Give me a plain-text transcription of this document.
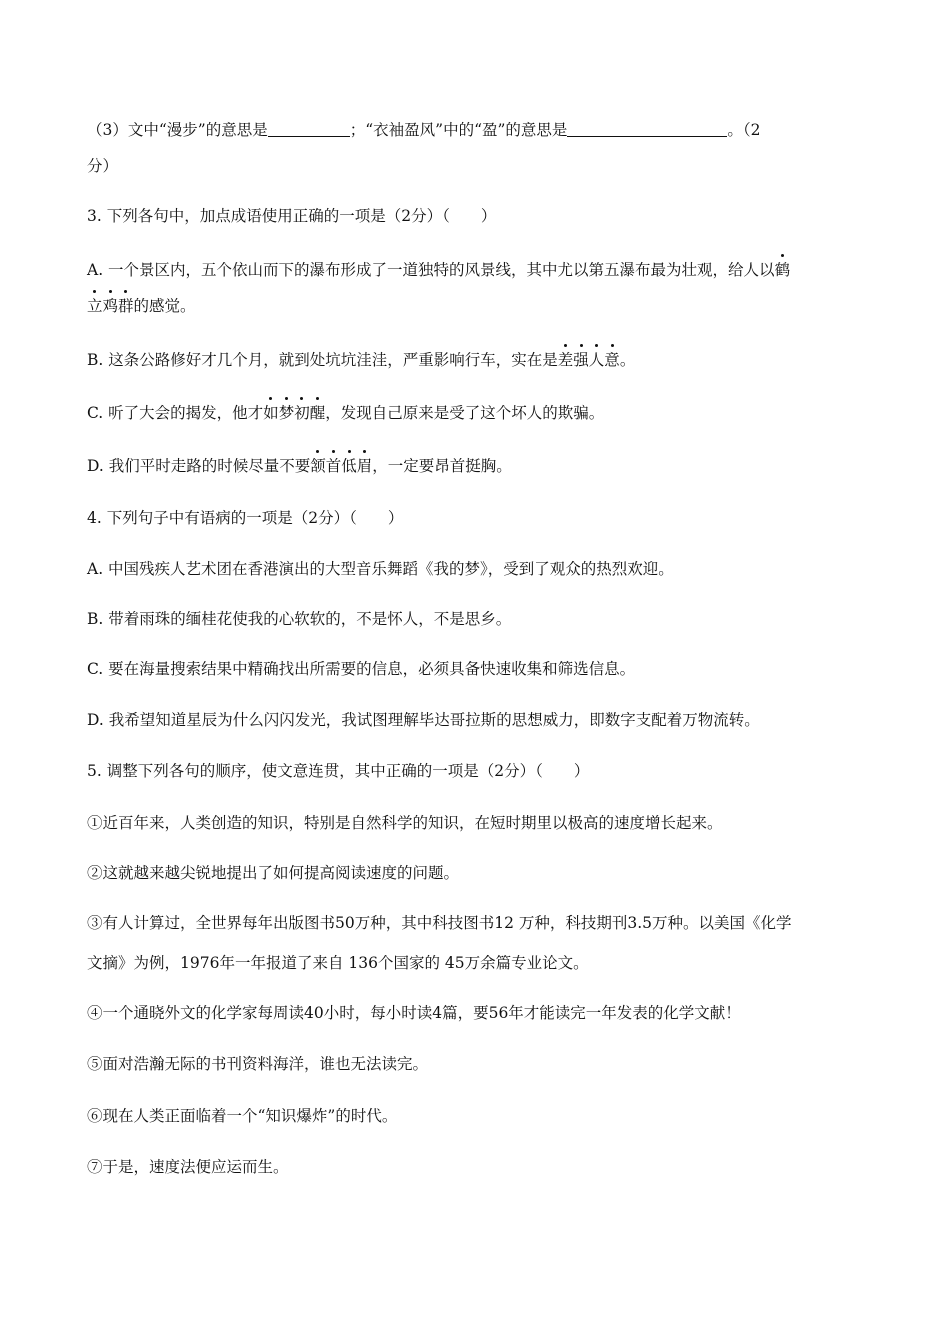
（3）文中“漫步”的意思是	；“衣袖盈风”中的“盈”的意思是	。（2
分）
3. 下列各句中，加点成语使用正确的一项是（2分）（　　）
A. 一个景区内，五个依山而下的瀑布形成了一道独特的风景线，其中尤以第五瀑布最为壮观，给人以鹤
立鸡群的感觉。
B. 这条公路修好才几个月，就到处坑坑洼洼，严重影响行车，实在是差强人意。
C. 听了大会的揭发，他才如梦初醒，发现自己原来是受了这个坏人的欺骗。
D. 我们平时走路的时候尽量不要颔首低眉，一定要昂首挺胸。
4. 下列句子中有语病的一项是（2分）（　　）
A. 中国残疾人艺术团在香港演出的大型音乐舞蹈《我的梦》，受到了观众的热烈欢迎。
B. 带着雨珠的缅桂花使我的心软软的，不是怀人，不是思乡。
C. 要在海量搜索结果中精确找出所需要的信息，必须具备快速收集和筛选信息。
D. 我希望知道星辰为什么闪闪发光，我试图理解毕达哥拉斯的思想威力，即数字支配着万物流转。
5. 调整下列各句的顺序，使文意连贯，其中正确的一项是（2分）（　　）
①近百年来，人类创造的知识，特别是自然科学的知识，在短时期里以极高的速度增长起来。
②这就越来越尖锐地提出了如何提高阅读速度的问题。
③有人计算过，全世界每年出版图书50万种，其中科技图书12 万种，科技期刊3.5万种。以美国《化学
文摘》为例，1976年一年报道了来自 136个国家的 45万余篇专业论文。
④一个通晓外文的化学家每周读40小时，每小时读4篇，要56年才能读完一年发表的化学文献！
⑤面对浩瀚无际的书刊资料海洋，谁也无法读完。
⑥现在人类正面临着一个“知识爆炸”的时代。
⑦于是，速度法便应运而生。
